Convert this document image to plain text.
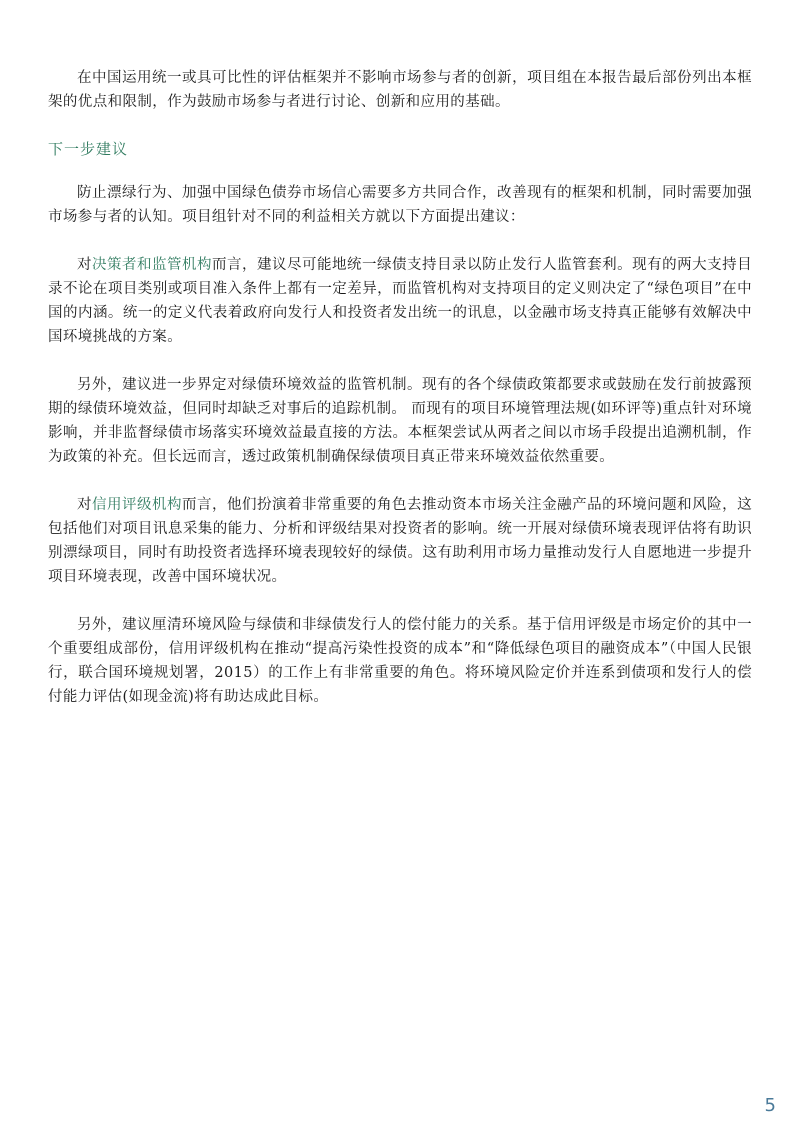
在中国运用统一或具可比性的评估框架并不影响市场参与者的创新，项目组在本报告最后部份列出本框架的优点和限制，作为鼓励市场参与者进行讨论、创新和应用的基础。

下一步建议

防止漂绿行为、加强中国绿色债券市场信心需要多方共同合作，改善现有的框架和机制，同时需要加强市场参与者的认知。项目组针对不同的利益相关方就以下方面提出建议：

对决策者和监管机构而言，建议尽可能地统一绿债支持目录以防止发行人监管套利。现有的两大支持目录不论在项目类别或项目准入条件上都有一定差异，而监管机构对支持项目的定义则决定了“绿色项目”在中国的内涵。统一的定义代表着政府向发行人和投资者发出统一的讯息，以金融市场支持真正能够有效解决中国环境挑战的方案。

另外，建议进一步界定对绿债环境效益的监管机制。现有的各个绿债政策都要求或鼓励在发行前披露预期的绿债环境效益，但同时却缺乏对事后的追踪机制。 而现有的项目环境管理法规(如环评等)重点针对环境影响，并非监督绿债市场落实环境效益最直接的方法。本框架尝试从两者之间以市场手段提出追溯机制，作为政策的补充。但长远而言，透过政策机制确保绿债项目真正带来环境效益依然重要。

对信用评级机构而言，他们扮演着非常重要的角色去推动资本市场关注金融产品的环境问题和风险，这包括他们对项目讯息采集的能力、分析和评级结果对投资者的影响。统一开展对绿债环境表现评估将有助识别漂绿项目，同时有助投资者选择环境表现较好的绿债。这有助利用市场力量推动发行人自愿地进一步提升项目环境表现，改善中国环境状况。

另外，建议厘清环境风险与绿债和非绿债发行人的偿付能力的关系。基于信用评级是市场定价的其中一个重要组成部份，信用评级机构在推动“提高污染性投资的成本”和“降低绿色项目的融资成本”（中国人民银行，联合国环境规划署，2015）的工作上有非常重要的角色。将环境风险定价并连系到债项和发行人的偿付能力评估(如现金流)将有助达成此目标。

5
